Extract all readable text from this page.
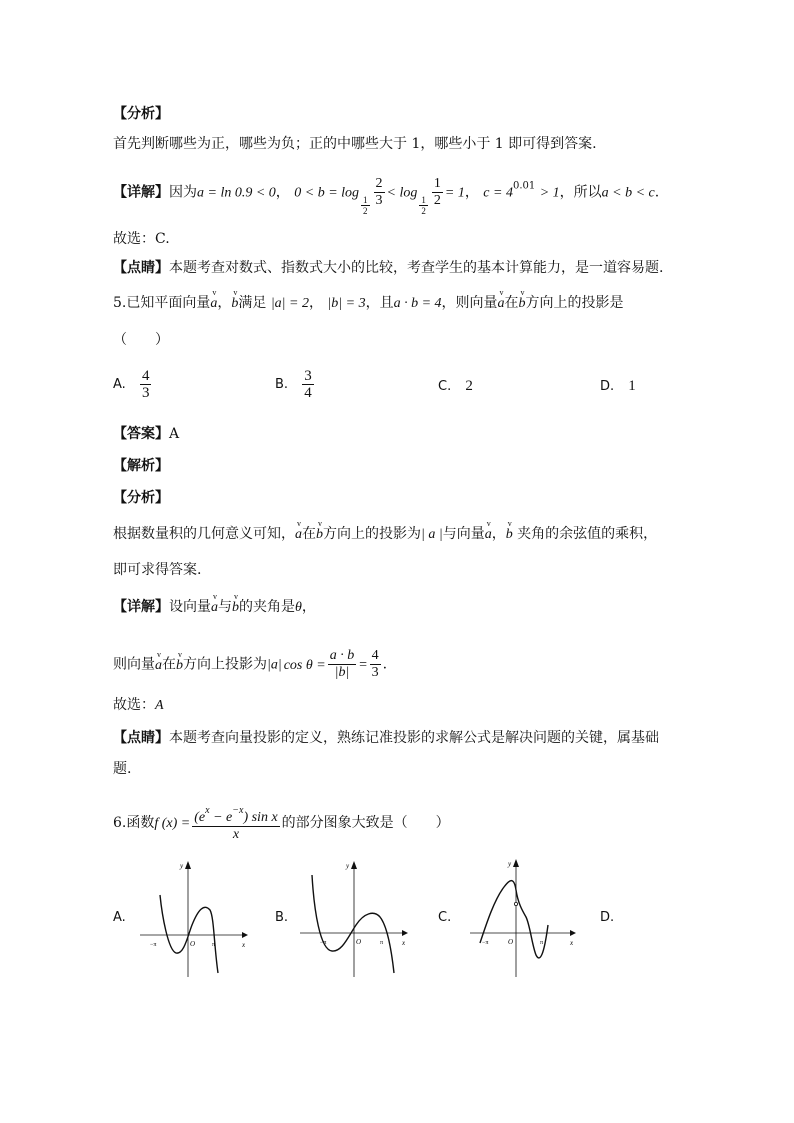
【分析】
首先判断哪些为正，哪些为负；正的中哪些大于 1，哪些小于 1 即可得到答案.
【详解】因为a = ln 0.9 < 0， 0 < b = log
$\frac{1}{2} \frac{2}{3} < \log$
$\frac{1}{2} \frac{1}{2} = 1$， $c = 4^{0.01} > 1$，所以a < b < c.
故选：C.
【点睛】本题考查对数式、指数式大小的比较，考查学生的基本计算能力，是一道容易题.
5.已知平面向量v a，v b满足 |a| = 2， |b| = 3，且a · b = 4，则向量v a在v b方向上的投影是
（　　）
A. $\frac{4}{3}$	B. $\frac{3}{4}$	C. 2	D. 1
【答案】A
【解析】
【分析】
根据数量积的几何意义可知，v a在v b方向上的投影为| a |与向量v a，v b 夹角的余弦值的乘积，
即可求得答案.
【详解】设向量v a与v b的夹角是θ，
则向量v a在v b方向上投影为|a| $\cos \theta = \frac{a \cdot b}{|b|} = \frac{4}{3}$ .
故选：A
【点睛】本题考查向量投影的定义，熟练记准投影的求解公式是解决问题的关键，属基础
题.
6.函数f $(x) = \frac{(e^x - e^{-x}) \sin x}{x}$ 的部分图象大致是（　　）
A.	B.	C.	D.
y
x
O
−π	π
y
x
O
−π	π
y
x
O
−π	π
